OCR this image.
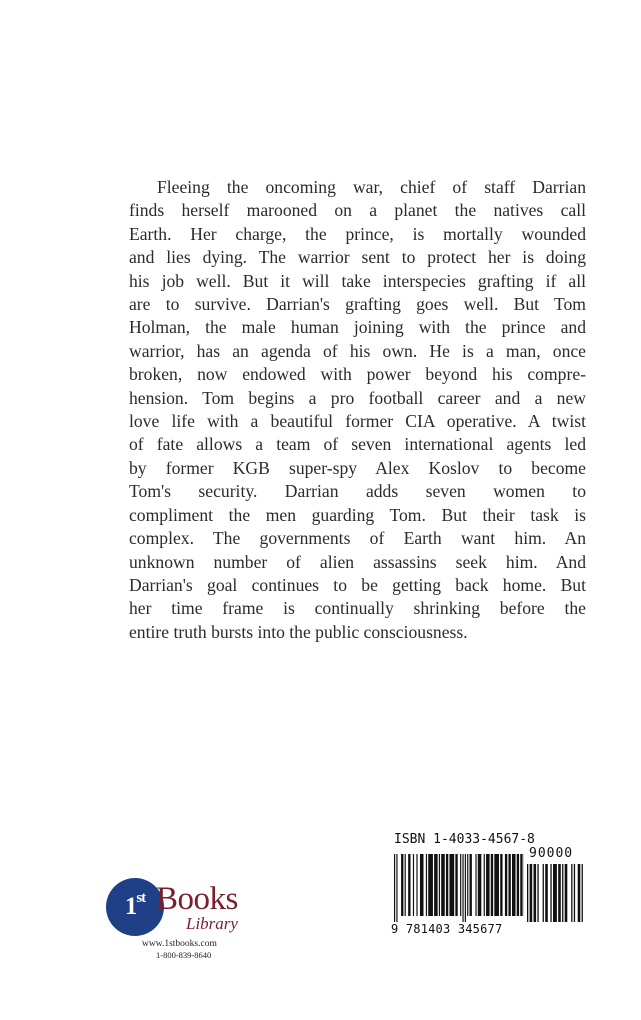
Fleeing the oncoming war, chief of staff Darrian
finds herself marooned on a planet the natives call
Earth. Her charge, the prince, is mortally wounded
and lies dying. The warrior sent to protect her is doing
his job well. But it will take interspecies grafting if all
are to survive. Darrian's grafting goes well. But Tom
Holman, the male human joining with the prince and
warrior, has an agenda of his own. He is a man, once
broken, now endowed with power beyond his compre-
hension. Tom begins a pro football career and a new
love life with a beautiful former CIA operative. A twist
of fate allows a team of seven international agents led
by former KGB super-spy Alex Koslov to become
Tom's security. Darrian adds seven women to
compliment the men guarding Tom. But their task is
complex. The governments of Earth want him. An
unknown number of alien assassins seek him. And
Darrian's goal continues to be getting back home. But
her time frame is continually shrinking before the
entire truth bursts into the public consciousness.
1st Books
Library
www.1stbooks.com
1-800-839-8640
ISBN 1-4033-4567-8
90000
9 781403 345677
